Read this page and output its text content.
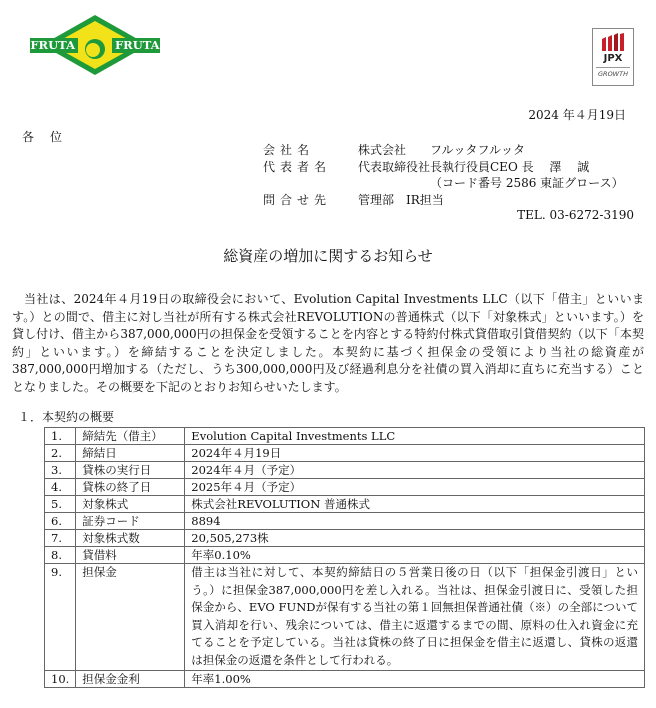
FRUTA FRUTA
JPX
GROWTH
2024 年４月19日
各位
会社名	株式会社　　フルッタフルッタ
代表者名	代表取締役社長執行役員CEO 長　 澤　 誠
問合せ先	管理部　IR担当
（コード番号 2586 東証グロース）
TEL. 03-6272-3190
総資産の増加に関するお知らせ
当社は、2024年４月19日の取締役会において、Evolution Capital Investments LLC（以下「借主」といいます。）との間で、借主に対し当社が所有する株式会社REVOLUTIONの普通株式（以下「対象株式」といいます。）を貸し付け、借主から387,000,000円の担保金を受領することを内容とする特約付株式貸借取引貸借契約（以下「本契約」といいます。）を締結することを決定しました。本契約に基づく担保金の受領により当社の総資産が387,000,000円増加する（ただし、うち300,000,000円及び経過利息分を社債の買入消却に直ちに充当する）こととなりました。その概要を下記のとおりお知らせいたします。
１．本契約の概要
1.	締結先（借主）	Evolution Capital Investments LLC
2.	締結日	2024年４月19日
3.	貸株の実行日	2024年４月（予定）
4.	貸株の終了日	2025年４月（予定）
5.	対象株式	株式会社REVOLUTION 普通株式
6.	証券コード	8894
7.	対象株式数	20,505,273株
8.	貸借料	年率0.10%
9.	担保金	借主は当社に対して、本契約締結日の５営業日後の日（以下「担保金引渡日」という。）に担保金387,000,000円を差し入れる。当社は、担保金引渡日に、受領した担保金から、EVO FUNDが保有する当社の第１回無担保普通社債（※）の全部について買入消却を行い、残余については、借主に返還するまでの間、原料の仕入れ資金に充てることを予定している。当社は貸株の終了日に担保金を借主に返還し、貸株の返還は担保金の返還を条件として行われる。
10.	担保金金利	年率1.00%
